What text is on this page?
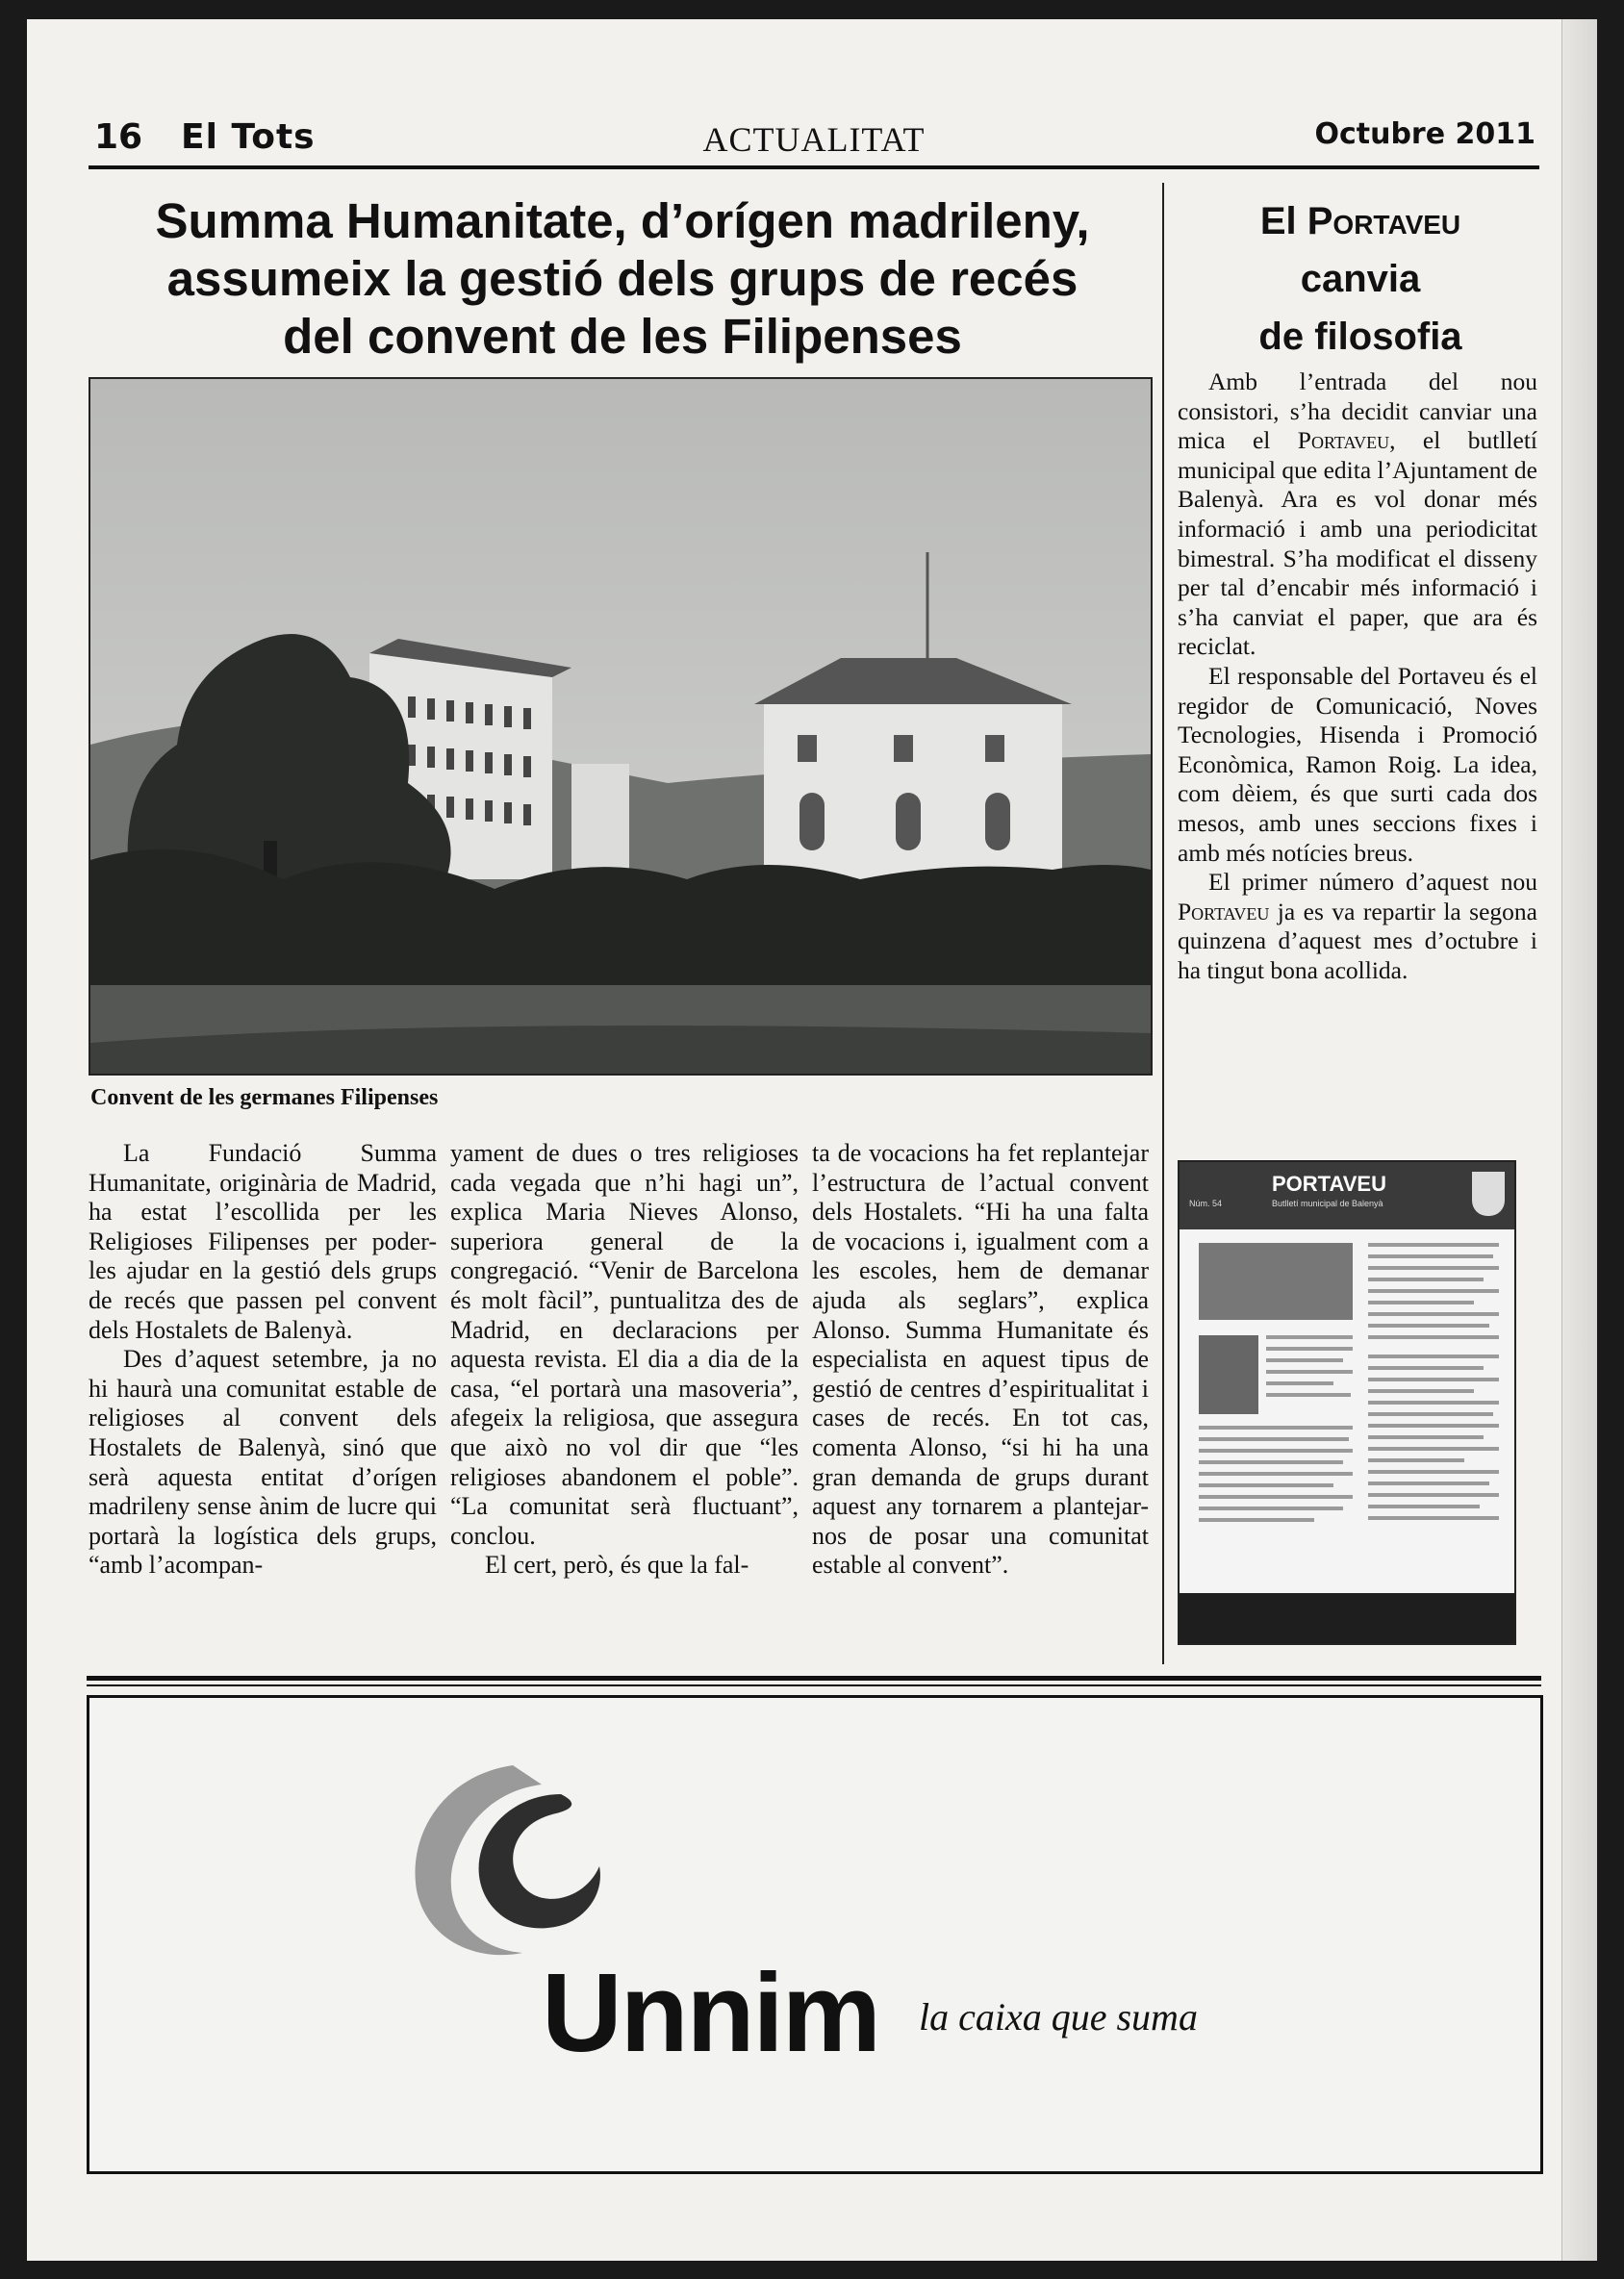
16 El Tots	ACTUALITAT	Octubre 2011
Summa Humanitate, d’orígen madrileny,
assumeix la gestió dels grups de recés
del convent de les Filipenses
Convent de les germanes Filipenses

La Fundació Summa Humanitate, originària de Madrid, ha estat l’escollida per les Religioses Filipenses per poder-les ajudar en la gestió dels grups de recés que passen pel convent dels Hostalets de Balenyà.

Des d’aquest setembre, ja no hi haurà una comunitat estable de religioses al convent dels Hostalets de Balenyà, sinó que serà aquesta entitat d’orígen madrileny sense ànim de lucre qui portarà la logística dels grups, “amb l’acompan-

yament de dues o tres religioses cada vegada que n’hi hagi un”, explica Maria Nieves Alonso, superiora general de la congregació. “Venir de Barcelona és molt fàcil”, puntualitza des de Madrid, en declaracions per aquesta revista. El dia a dia de la casa, “el portarà una masoveria”, afegeix la religiosa, que assegura que això no vol dir que “les religioses abandonem el poble”. “La comunitat serà fluctuant”, conclou.

El cert, però, és que la fal-

ta de vocacions ha fet replantejar l’estructura de l’actual convent dels Hostalets. “Hi ha una falta de vocacions i, igualment com a les escoles, hem de demanar ajuda als seglars”, explica Alonso. Summa Humanitate és especialista en aquest tipus de gestió de centres d’espiritualitat i cases de recés. En tot cas, comenta Alonso, “si hi ha una gran demanda de grups durant aquest any tornarem a plantejar-nos de posar una comunitat estable al convent”.

El Portaveu
canvia
de filosofia

Amb l’entrada del nou consistori, s’ha decidit canviar una mica el Portaveu, el butlletí municipal que edita l’Ajuntament de Balenyà. Ara es vol donar més informació i amb una periodicitat bimestral. S’ha modificat el disseny per tal d’encabir més informació i s’ha canviat el paper, que ara és reciclat.

El responsable del Portaveu és el regidor de Comunicació, Noves Tecnologies, Hisenda i Promoció Econòmica, Ramon Roig. La idea, com dèiem, és que surti cada dos mesos, amb unes seccions fixes i amb més notícies breus.

El primer número d’aquest nou Portaveu ja es va repartir la segona quinzena d’aquest mes d’octubre i ha tingut bona acollida.

PORTAVEU
Butlletí municipal de Balenyà
Núm. 54
Unnim la caixa que suma
